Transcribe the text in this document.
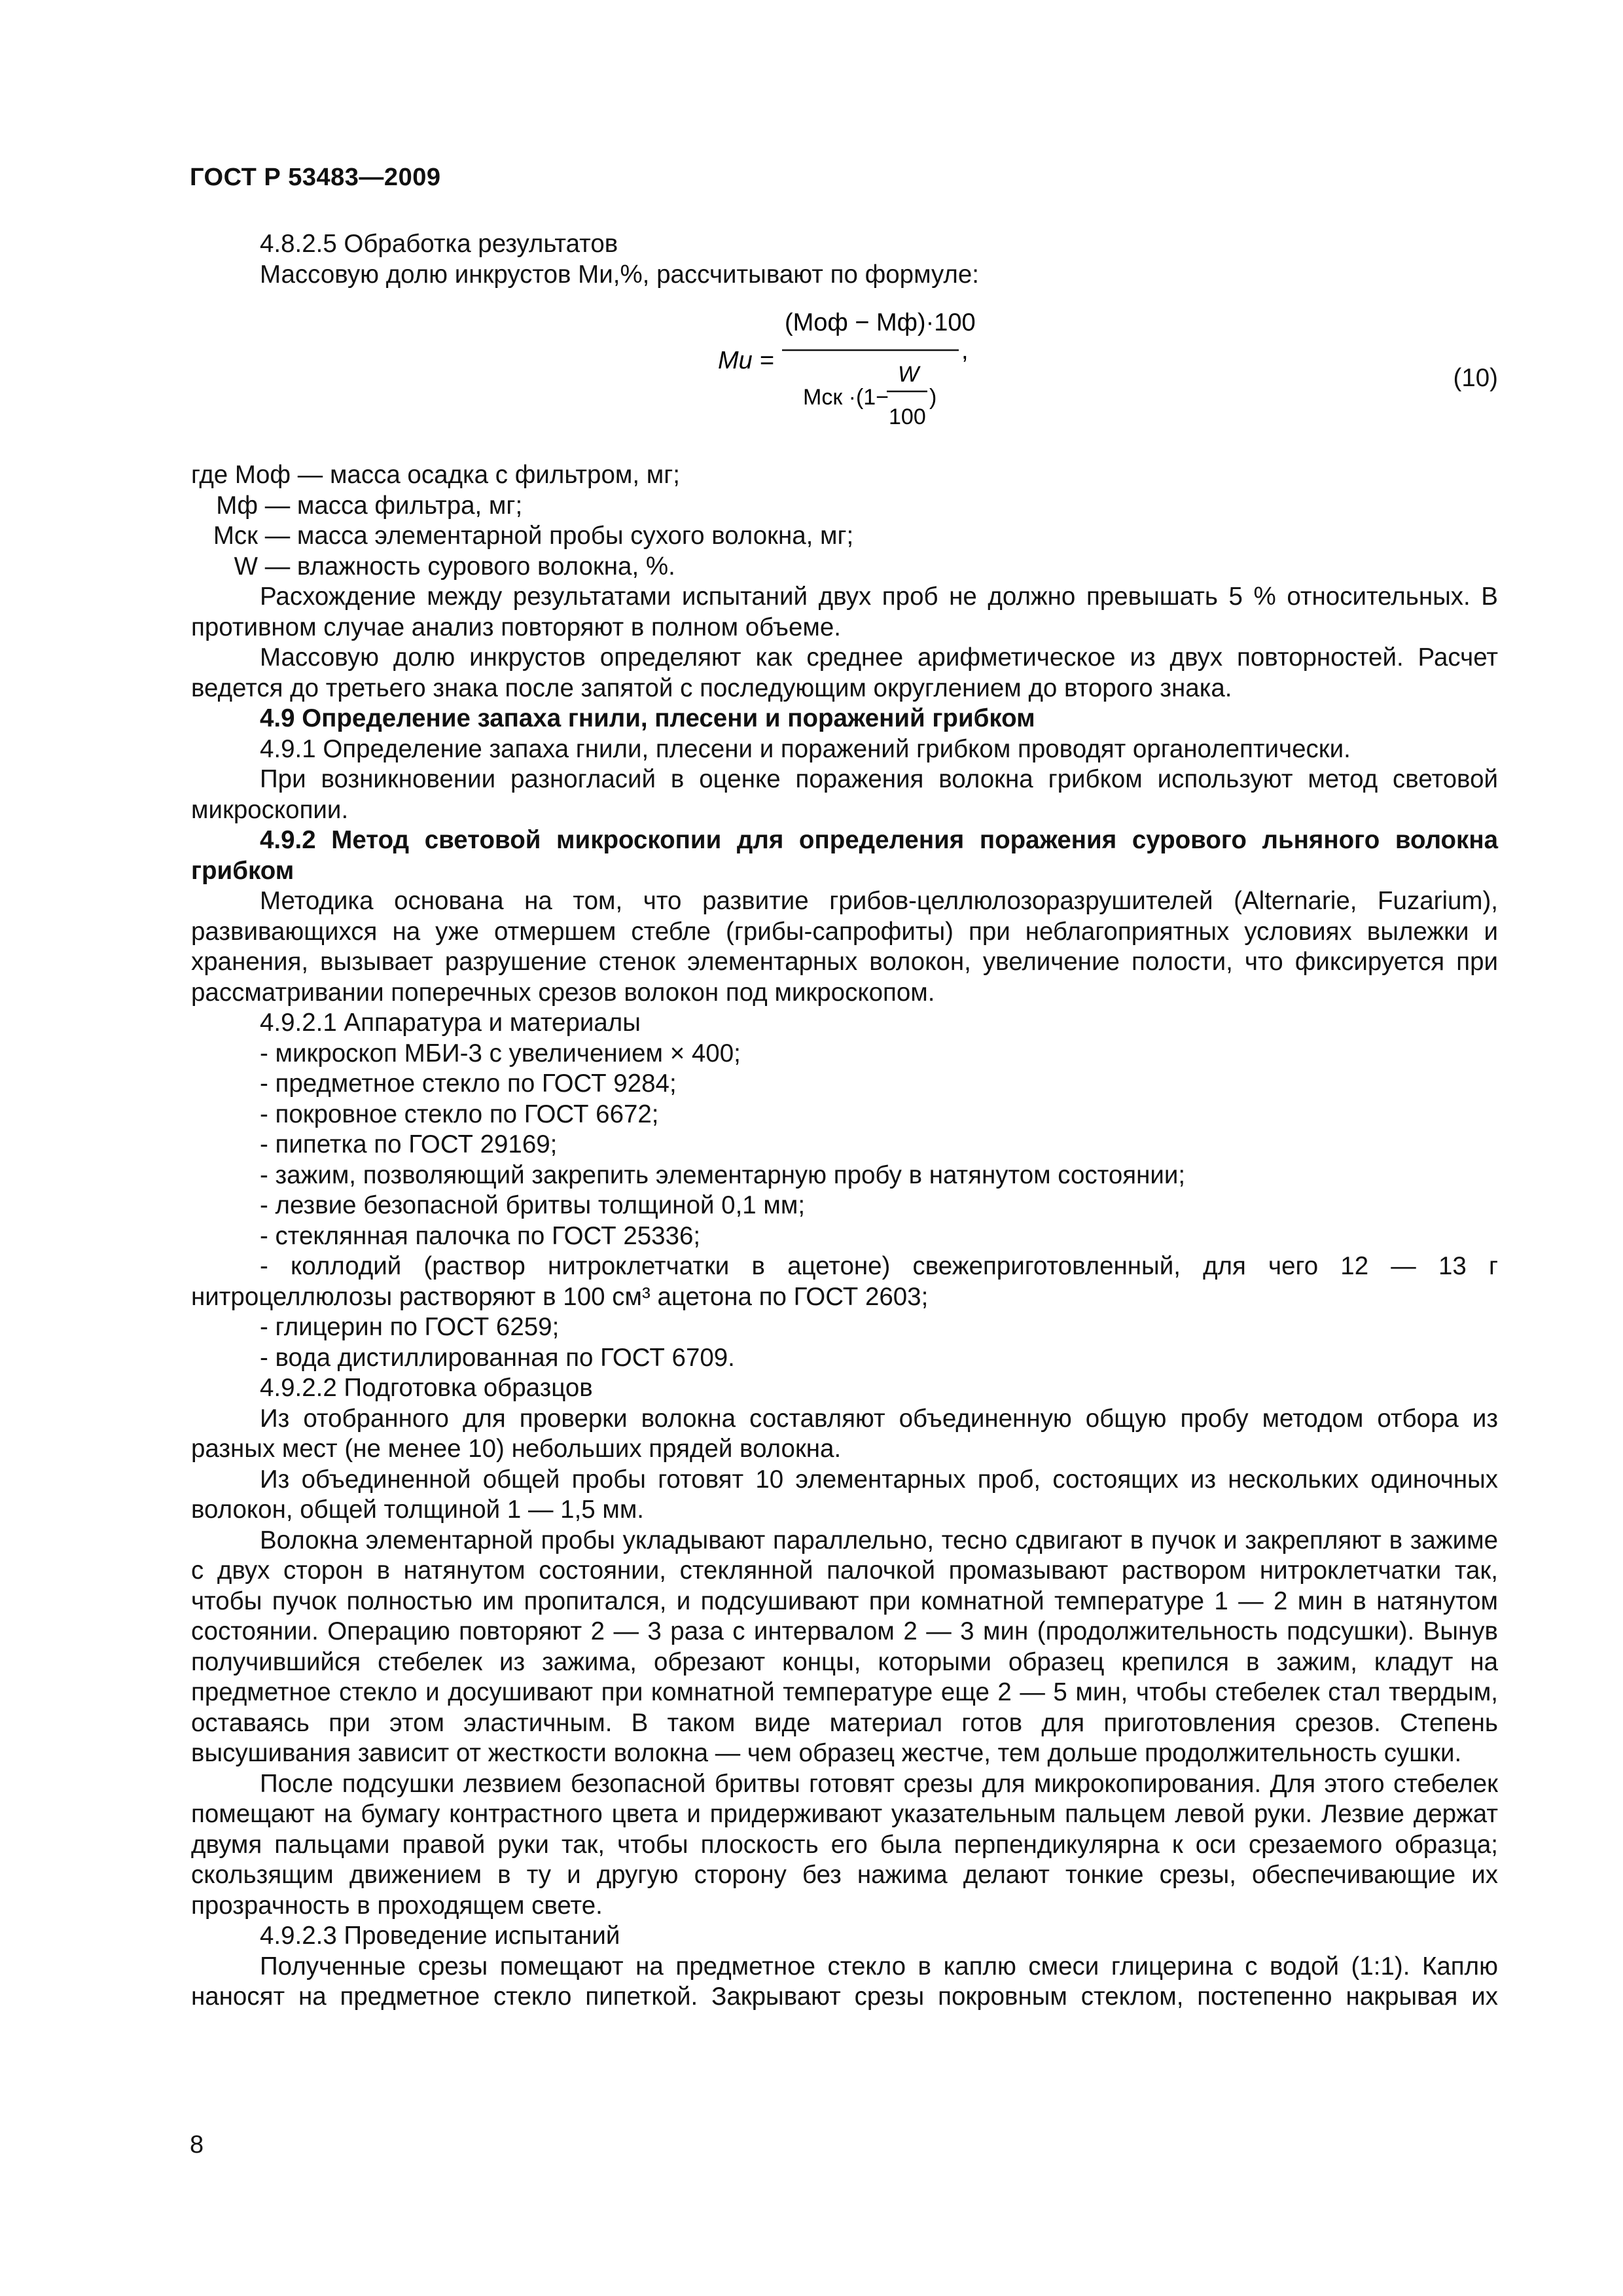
ГОСТ Р 53483—2009

4.8.2.5 Обработка результатов

Массовую долю инкрустов Mи,%, рассчитывают по формуле:

Mи =
(Mоф − Mф)·100
,
Mск ·(1−
W
100
)
(10)
где Mоф — масса осадка с фильтром, мг;
Mф — масса фильтра, мг;
Mск — масса элементарной пробы сухого волокна, мг;
W — влажность сурового волокна, %.

Расхождение между результатами испытаний двух проб не должно превышать 5 % относительных. В противном случае анализ повторяют в полном объеме.

Массовую долю инкрустов определяют как среднее арифметическое из двух повторностей. Расчет ведется до третьего знака после запятой с последующим округлением до второго знака.

4.9 Определение запаха гнили, плесени и поражений грибком

4.9.1 Определение запаха гнили, плесени и поражений грибком проводят органолептически.

При возникновении разногласий в оценке поражения волокна грибком используют метод световой микроскопии.

4.9.2 Метод световой микроскопии для определения поражения сурового льняного волокна грибком

Методика основана на том, что развитие грибов-целлюлозоразрушителей (Alternarie, Fuzarium), развивающихся на уже отмершем стебле (грибы-сапрофиты) при неблагоприятных условиях вылежки и хранения, вызывает разрушение стенок элементарных волокон, увеличение полости, что фиксируется при рассматривании поперечных срезов волокон под микроскопом.

4.9.2.1 Аппаратура и материалы

- микроскоп МБИ-3 с увеличением × 400;

- предметное стекло по ГОСТ 9284;

- покровное стекло по ГОСТ 6672;

- пипетка по ГОСТ 29169;

- зажим, позволяющий закрепить элементарную пробу в натянутом состоянии;

- лезвие безопасной бритвы толщиной 0,1 мм;

- стеклянная палочка по ГОСТ 25336;

- коллодий (раствор нитроклетчатки в ацетоне) свежеприготовленный, для чего 12 — 13 г нитроцеллюлозы растворяют в 100 см³ ацетона по ГОСТ 2603;

- глицерин по ГОСТ 6259;

- вода дистиллированная по ГОСТ 6709.

4.9.2.2 Подготовка образцов

Из отобранного для проверки волокна составляют объединенную общую пробу методом отбора из разных мест (не менее 10) небольших прядей волокна.

Из объединенной общей пробы готовят 10 элементарных проб, состоящих из нескольких одиночных волокон, общей толщиной 1 — 1,5 мм.

Волокна элементарной пробы укладывают параллельно, тесно сдвигают в пучок и закрепляют в зажиме с двух сторон в натянутом состоянии, стеклянной палочкой промазывают раствором нитроклетчатки так, чтобы пучок полностью им пропитался, и подсушивают при комнатной температуре 1 — 2 мин в натянутом состоянии. Операцию повторяют 2 — 3 раза с интервалом 2 — 3 мин (продолжительность подсушки). Вынув получившийся стебелек из зажима, обрезают концы, которыми образец крепился в зажим, кладут на предметное стекло и досушивают при комнатной температуре еще 2 — 5 мин, чтобы стебелек стал твердым, оставаясь при этом эластичным. В таком виде материал готов для приготовления срезов. Степень высушивания зависит от жесткости волокна — чем образец жестче, тем дольше продолжительность сушки.

После подсушки лезвием безопасной бритвы готовят срезы для микрокопирования. Для этого стебелек помещают на бумагу контрастного цвета и придерживают указательным пальцем левой руки. Лезвие держат двумя пальцами правой руки так, чтобы плоскость его была перпендикулярна к оси срезаемого образца; скользящим движением в ту и другую сторону без нажима делают тонкие срезы, обеспечивающие их прозрачность в проходящем свете.

4.9.2.3 Проведение испытаний

Полученные срезы помещают на предметное стекло в каплю смеси глицерина с водой (1:1). Каплю наносят на предметное стекло пипеткой. Закрывают срезы покровным стеклом, постепенно накрывая их

8
